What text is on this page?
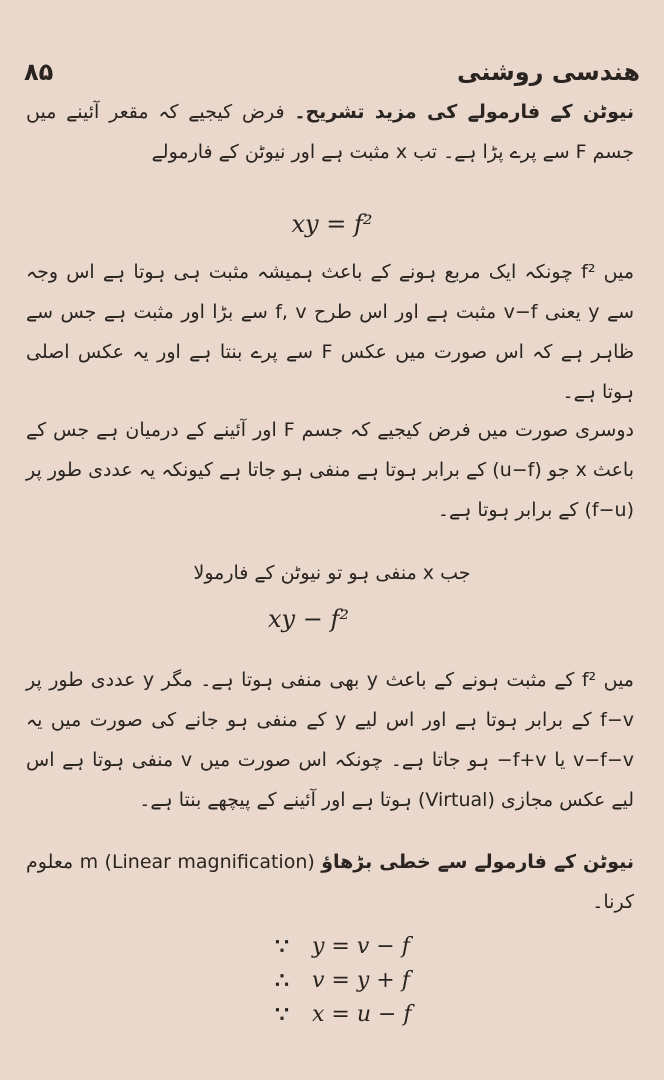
۸۵	هندسی روشنی
نیوٹن کے فارمولے کی مزید تشریح۔ فرض کیجیے کہ مقعر آئینے میں جسم F سے پرے پڑا ہے۔ تب x مثبت ہے اور نیوٹن کے فارمولے
xy = f²
میں f² چونکہ ایک مربع ہونے کے باعث ہمیشہ مثبت ہی ہوتا ہے اس وجہ سے y یعنی v−f مثبت ہے اور اس طرح f, v سے بڑا اور مثبت ہے جس سے ظاہر ہے کہ اس صورت میں عکس F سے پرے بنتا ہے اور یہ عکس اصلی ہوتا ہے۔
دوسری صورت میں فرض کیجیے کہ جسم F اور آئینے کے درمیان ہے جس کے باعث x جو (u−f) کے برابر ہوتا ہے منفی ہو جاتا ہے کیونکہ یہ عددی طور پر (f−u) کے برابر ہوتا ہے۔
جب x منفی ہو تو نیوٹن کے فارمولا
xy − f²
میں f² کے مثبت ہونے کے باعث y بھی منفی ہوتا ہے۔ مگر y عددی طور پر f−v کے برابر ہوتا ہے اور اس لیے y کے منفی ہو جانے کی صورت میں یہ v−f−v یا f+v− ہو جاتا ہے۔ چونکہ اس صورت میں v منفی ہوتا ہے اس لیے عکس مجازی (Virtual) ہوتا ہے اور آئینے کے پیچھے بنتا ہے۔
نیوٹن کے فارمولے سے خطی بڑھاؤ (Linear magnification) m معلوم کرنا۔
∵ y = v − f
∴ v = y + f
∵ x = u − f
